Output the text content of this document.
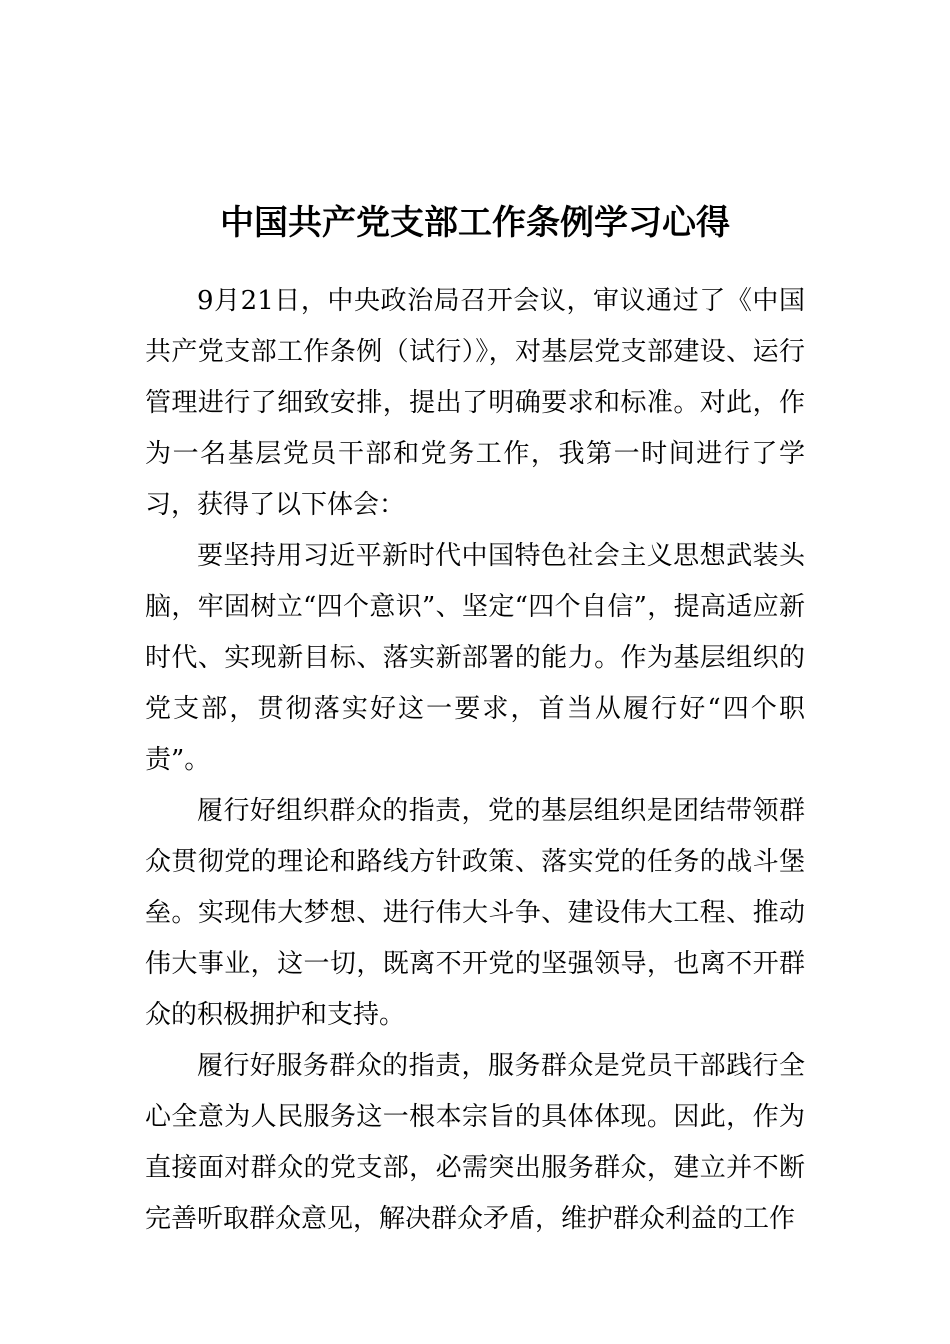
中国共产党支部工作条例学习心得

9月21日，中央政治局召开会议，审议通过了《中国共产党支部工作条例（试行）》，对基层党支部建设、运行管理进行了细致安排，提出了明确要求和标准。对此，作为一名基层党员干部和党务工作，我第一时间进行了学习，获得了以下体会：

要坚持用习近平新时代中国特色社会主义思想武装头脑，牢固树立“四个意识”、坚定“四个自信”，提高适应新时代、实现新目标、落实新部署的能力。作为基层组织的党支部，贯彻落实好这一要求，首当从履行好“四个职责”。

履行好组织群众的指责，党的基层组织是团结带领群众贯彻党的理论和路线方针政策、落实党的任务的战斗堡垒。实现伟大梦想、进行伟大斗争、建设伟大工程、推动伟大事业，这一切，既离不开党的坚强领导，也离不开群众的积极拥护和支持。

履行好服务群众的指责，服务群众是党员干部践行全心全意为人民服务这一根本宗旨的具体体现。因此，作为直接面对群众的党支部，必需突出服务群众，建立并不断完善听取群众意见，解决群众矛盾，维护群众利益的工作
